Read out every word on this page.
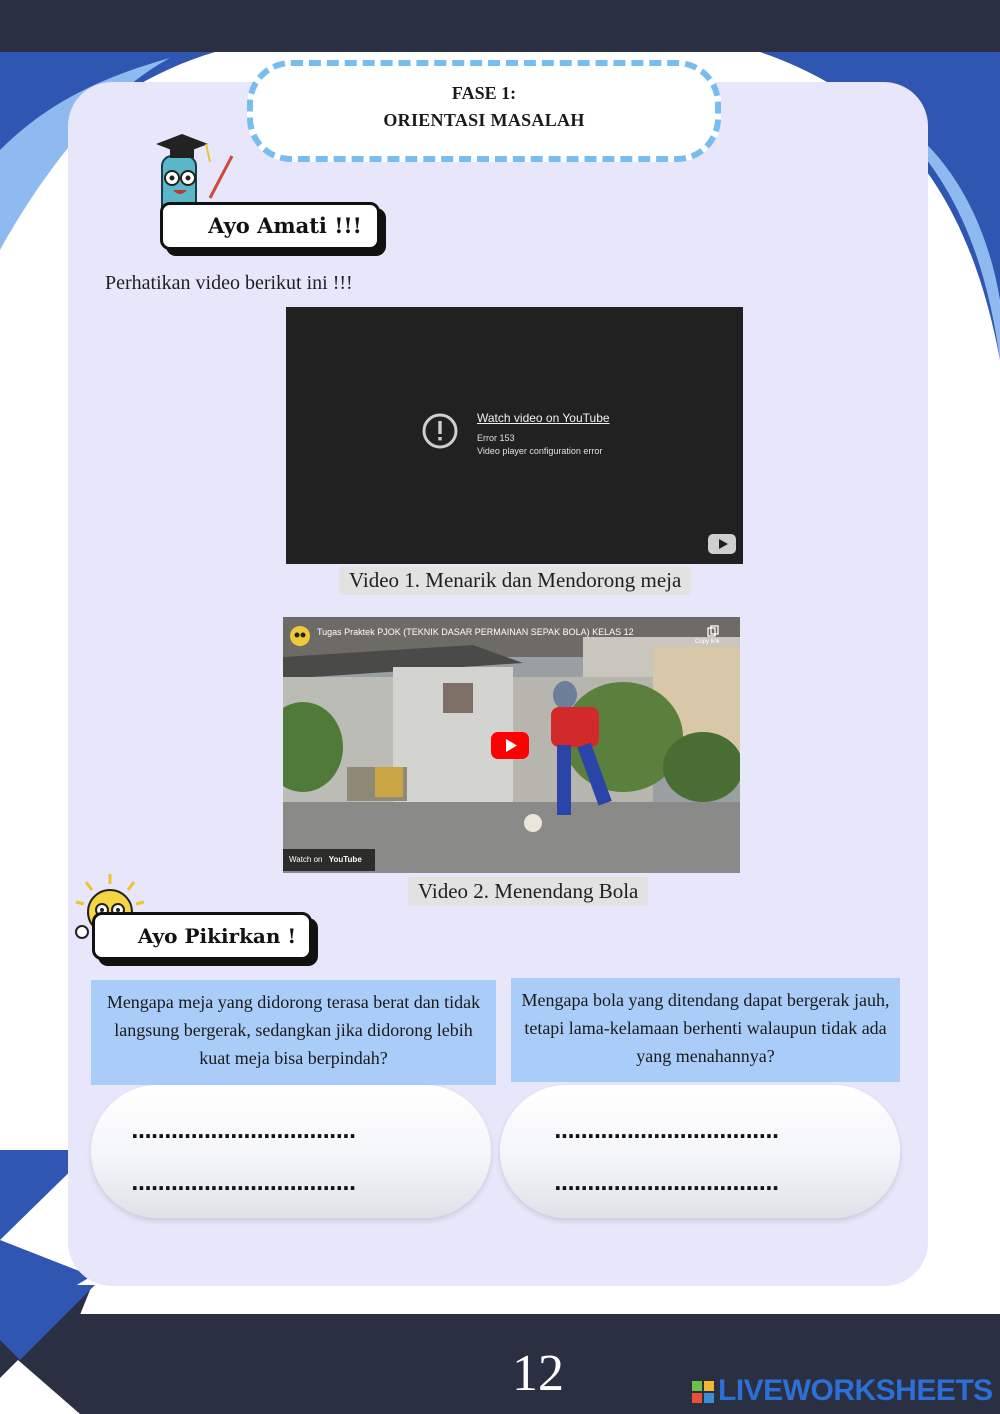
FASE 1:
ORIENTASI MASALAH
Ayo Amati !!!
Perhatikan video berikut ini !!!
Watch video on YouTube
Error 153
Video player configuration error
Video 1. Menarik dan Mendorong meja
Tugas Praktek PJOK (TEKNIK DASAR PERMAINAN SEPAK BOLA) KELAS 12
Copy link
Watch on YouTube
Video 2. Menendang Bola
Ayo Pikirkan !
Mengapa meja yang didorong terasa berat dan tidak langsung bergerak, sedangkan jika didorong lebih kuat meja bisa berpindah?
Mengapa bola yang ditendang dapat bergerak jauh, tetapi lama-kelamaan berhenti walaupun tidak ada yang menahannya?
..................................
..................................
..................................
..................................
12	LIVEWORKSHEETS
